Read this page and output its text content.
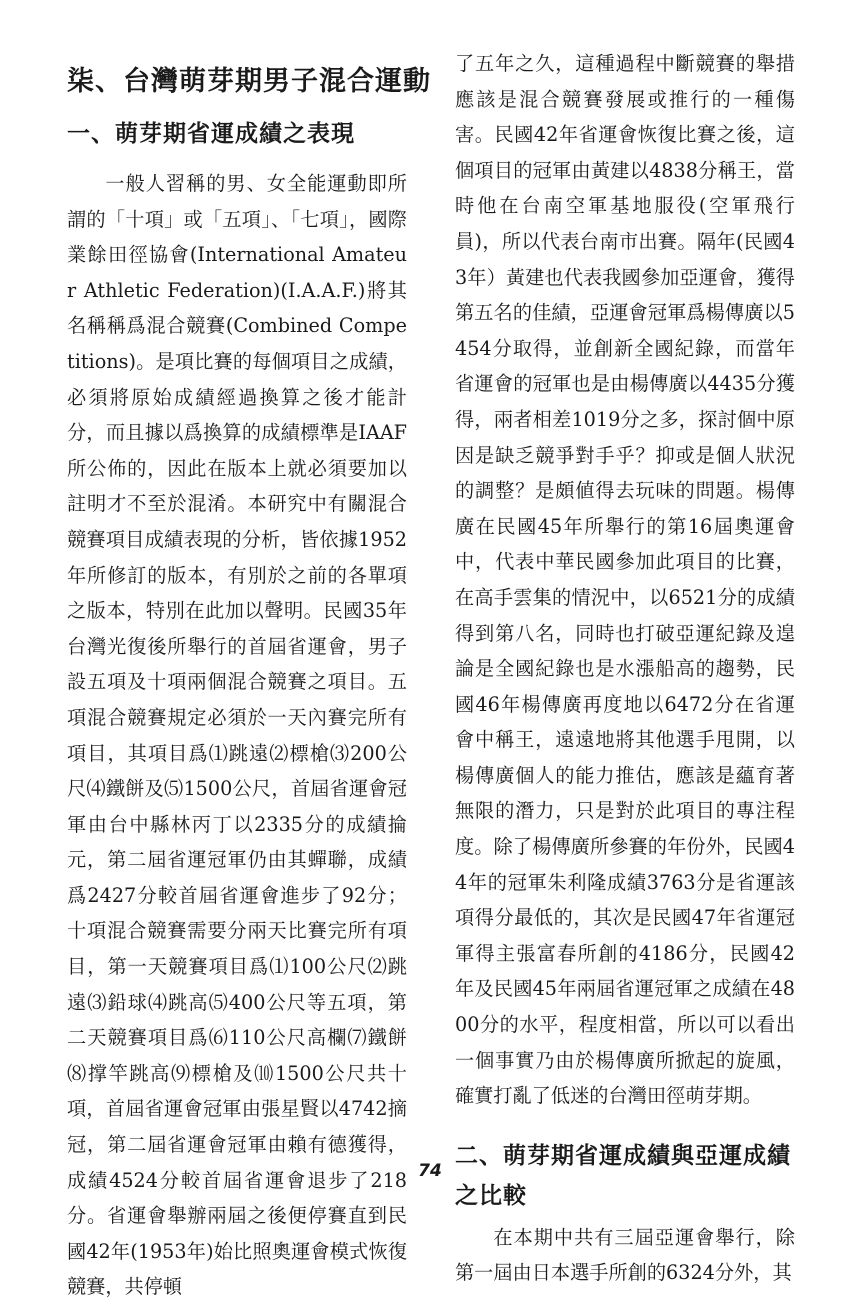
柒、台灣萌芽期男子混合運動
一、萌芽期省運成績之表現

一般人習稱的男、女全能運動即所謂的「十項」或「五項」、「七項」，國際業餘田徑協會(International Amateur Athletic Federation)(I.A.A.F.)將其名稱稱爲混合競賽(Combined Competitions)。是項比賽的每個項目之成績，必須將原始成績經過換算之後才能計分，而且據以爲換算的成績標準是IAAF所公佈的，因此在版本上就必須要加以註明才不至於混淆。本研究中有關混合競賽項目成績表現的分析，皆依據1952年所修訂的版本，有別於之前的各單項之版本，特別在此加以聲明。民國35年台灣光復後所舉行的首屆省運會，男子設五項及十項兩個混合競賽之項目。五項混合競賽規定必須於一天內賽完所有項目，其項目爲⑴跳遠⑵標槍⑶200公尺⑷鐵餅及⑸1500公尺，首屆省運會冠軍由台中縣林丙丁以2335分的成績掄元，第二屆省運冠軍仍由其蟬聯，成績爲2427分較首屆省運會進步了92分；十項混合競賽需要分兩天比賽完所有項目，第一天競賽項目爲⑴100公尺⑵跳遠⑶鉛球⑷跳高⑸400公尺等五項，第二天競賽項目爲⑹110公尺高欄⑺鐵餅⑻撑竿跳高⑼標槍及⑽1500公尺共十項，首屆省運會冠軍由張星賢以4742摘冠，第二屆省運會冠軍由賴有德獲得，成績4524分較首屆省運會退步了218分。省運會舉辦兩屆之後便停賽直到民國42年(1953年)始比照奧運會模式恢復競賽，共停頓

了五年之久，這種過程中斷競賽的舉措應該是混合競賽發展或推行的一種傷害。民國42年省運會恢復比賽之後，這個項目的冠軍由黃建以4838分稱王，當時他在台南空軍基地服役(空軍飛行員)，所以代表台南市出賽。隔年(民國43年）黃建也代表我國參加亞運會，獲得第五名的佳績，亞運會冠軍爲楊傳廣以5454分取得，並創新全國紀錄，而當年省運會的冠軍也是由楊傳廣以4435分獲得，兩者相差1019分之多，探討個中原因是缺乏競爭對手乎？抑或是個人狀況的調整？是頗値得去玩味的問題。楊傳廣在民國45年所舉行的第16屆奧運會中，代表中華民國參加此項目的比賽，在高手雲集的情況中，以6521分的成績得到第八名，同時也打破亞運紀錄及遑論是全國紀錄也是水漲船高的趨勢，民國46年楊傳廣再度地以6472分在省運會中稱王，遠遠地將其他選手甩開，以楊傳廣個人的能力推估，應該是蘊育著無限的潛力，只是對於此項目的專注程度。除了楊傳廣所參賽的年份外，民國44年的冠軍朱利隆成績3763分是省運該項得分最低的，其次是民國47年省運冠軍得主張富春所創的4186分，民國42年及民國45年兩屆省運冠軍之成績在4800分的水平，程度相當，所以可以看出一個事實乃由於楊傳廣所掀起的旋風，確實打亂了低迷的台灣田徑萌芽期。

二、萌芽期省運成績與亞運成績之比較

在本期中共有三屆亞運會舉行，除第一屆由日本選手所創的6324分外，其

74
